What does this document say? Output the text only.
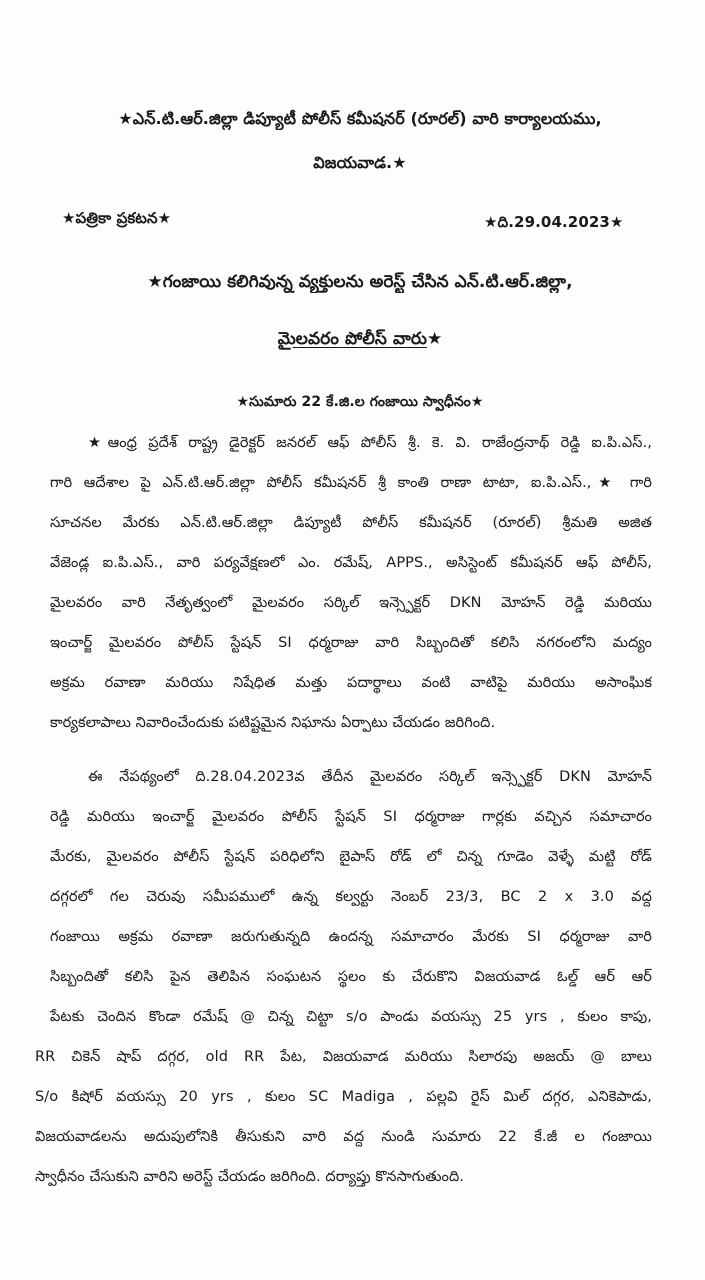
★ఎన్.టి.ఆర్.జిల్లా డిప్యూటీ పోలీస్ కమీషనర్ (రూరల్) వారి కార్యాలయము,
విజయవాడ.★
★పత్రికా ప్రకటన★	★ది.29.04.2023★
★గంజాయి కలిగివున్న వ్యక్తులను అరెస్ట్ చేసిన ఎన్.టి.ఆర్.జిల్లా,
మైలవరం పోలీస్ వారు★
★సుమారు 22 కే.జి.ల గంజాయి స్వాధీనం★
★ఆంధ్ర ప్రదేశ్ రాష్ట్ర డైరెక్టర్ జనరల్ ఆఫ్ పోలీస్ శ్రీ. కె. వి. రాజేంద్రనాథ్ రెడ్డి ఐ.పి.ఎస్.,
గారి ఆదేశాల పై ఎన్.టి.ఆర్.జిల్లా పోలీస్ కమీషనర్ శ్రీ కాంతి రాణా టాటా, ఐ.పి.ఎస్.,★ గారి
సూచనల మేరకు ఎన్.టి.ఆర్.జిల్లా డిప్యూటీ పోలీస్ కమీషనర్ (రూరల్) శ్రీమతి అజిత
వేజెండ్ల ఐ.పి.ఎస్., వారి పర్యవేక్షణలో ఎం. రమేష్, APPS., అసిస్టెంట్ కమీషనర్ ఆఫ్ పోలీస్,
మైలవరం వారి నేతృత్వంలో మైలవరం సర్కిల్ ఇన్స్పెక్టర్ DKN మోహన్ రెడ్డి మరియు
ఇంచార్జ్ మైలవరం పోలీస్ స్టేషన్ SI ధర్మరాజు వారి సిబ్బందితో కలిసి నగరంలోని మద్యం
అక్రమ రవాణా మరియు నిషేధిత మత్తు పదార్థాలు వంటి వాటిపై మరియు అసాంఘిక
కార్యకలాపాలు నివారించేందుకు పటిష్టమైన నిఘాను ఏర్పాటు చేయడం జరిగింది.
ఈ నేపథ్యంలో ది.28.04.2023వ తేదీన మైలవరం సర్కిల్ ఇన్స్పెక్టర్ DKN మోహన్
రెడ్డి మరియు ఇంచార్జ్ మైలవరం పోలీస్ స్టేషన్ SI ధర్మరాజు గార్లకు వచ్చిన సమాచారం
మేరకు, మైలవరం పోలీస్ స్టేషన్ పరిధిలోని బైపాస్ రోడ్ లో చిన్న గూడెం వెళ్ళే మట్టి రోడ్
దగ్గరలో గల చెరువు సమీపములో ఉన్న కల్వర్టు నెంబర్ 23/3, BC 2 x 3.0 వద్ద
గంజాయి అక్రమ రవాణా జరుగుతున్నది ఉందన్న సమాచారం మేరకు SI ధర్మరాజు వారి
సిబ్బందితో కలిసి పైన తెలిపిన సంఘటన స్థలం కు చేరుకొని విజయవాడ ఓల్డ్ ఆర్ ఆర్
పేటకు చెందిన కొండా రమేష్ @ చిన్న చిట్టా s/o పాండు వయస్సు 25 yrs , కులం కాపు,
RR చికెన్ షాప్ దగ్గర, old RR పేట, విజయవాడ మరియు సిలారపు అజయ్ @ బాలు
S/o కిషోర్ వయస్సు 20 yrs , కులం SC Madiga , పల్లవి రైస్ మిల్ దగ్గర, ఎనికెపాడు,
విజయవాడలను అదుపులోనికి తీసుకుని వారి వద్ద నుండి సుమారు 22 కే.జీ ల గంజాయి
స్వాధీనం చేసుకుని వారిని అరెస్ట్ చేయడం జరిగింది. దర్యాప్తు కొనసాగుతుంది.
